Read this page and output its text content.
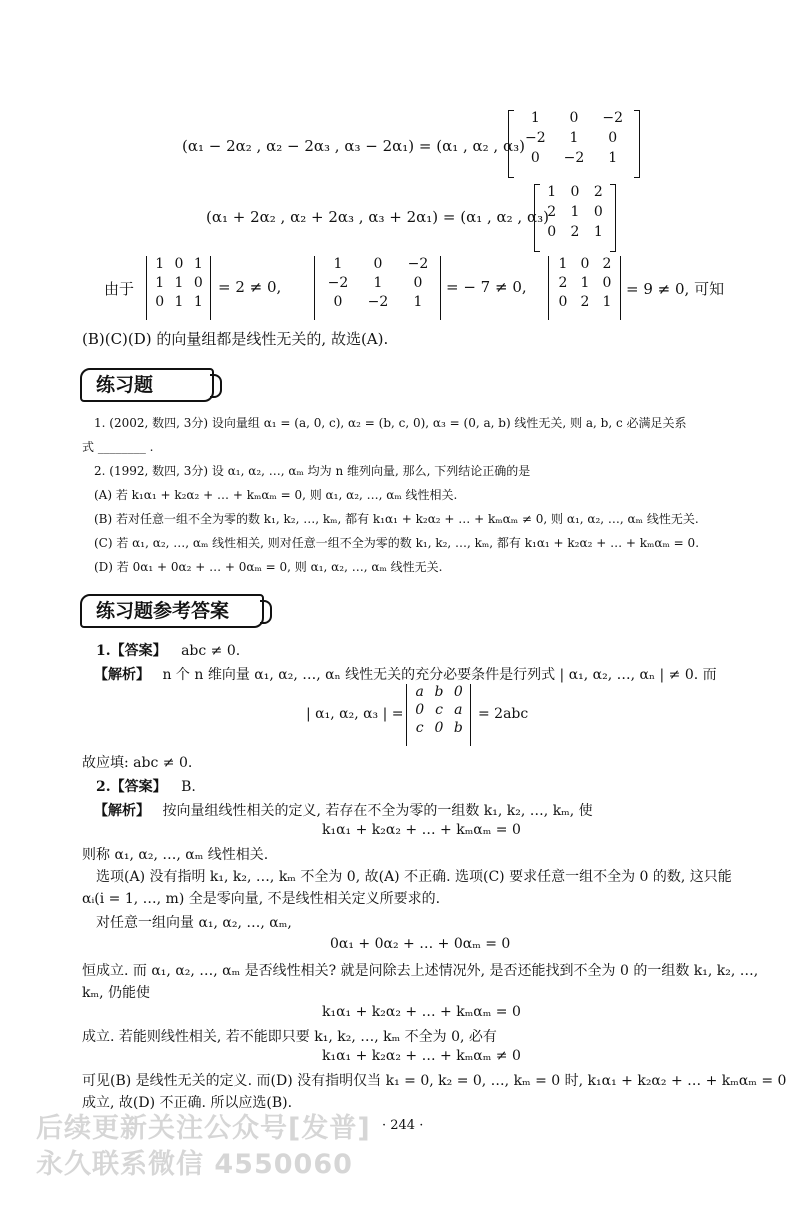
(α₁ − 2α₂ , α₂ − 2α₃ , α₃ − 2α₁) = (α₁ , α₂ , α₃)
1	0	−2
−2	1	0
0	−2	1
(α₁ + 2α₂ , α₂ + 2α₃ , α₃ + 2α₁) = (α₁ , α₂ , α₃)
1	0	2
2	1	0
0	2	1
由于
1 0 1
1 1 0
0 1 1
= 2 ≠ 0,
1	0	−2
−2	1	0
0	−2	1
= − 7 ≠ 0,
1 0 2
2 1 0
0 2 1
= 9 ≠ 0, 可知
(B)(C)(D) 的向量组都是线性无关的, 故选(A).
练习题
1. (2002, 数四, 3分) 设向量组 α₁ = (a, 0, c), α₂ = (b, c, 0), α₃ = (0, a, b) 线性无关, 则 a, b, c 必满足关系
式 ________ .
2. (1992, 数四, 3分) 设 α₁, α₂, …, αₘ 均为 n 维列向量, 那么, 下列结论正确的是
(A) 若 k₁α₁ + k₂α₂ + … + kₘαₘ = 0, 则 α₁, α₂, …, αₘ 线性相关.
(B) 若对任意一组不全为零的数 k₁, k₂, …, kₘ, 都有 k₁α₁ + k₂α₂ + … + kₘαₘ ≠ 0, 则 α₁, α₂, …, αₘ 线性无关.
(C) 若 α₁, α₂, …, αₘ 线性相关, 则对任意一组不全为零的数 k₁, k₂, …, kₘ, 都有 k₁α₁ + k₂α₂ + … + kₘαₘ = 0.
(D) 若 0α₁ + 0α₂ + … + 0αₘ = 0, 则 α₁, α₂, …, αₘ 线性无关.
练习题参考答案
1.【答案】 abc ≠ 0.
【解析】 n 个 n 维向量 α₁, α₂, …, αₙ 线性无关的充分必要条件是行列式 | α₁, α₂, …, αₙ | ≠ 0. 而
| α₁, α₂, α₃ | =
a b 0
0 c a
c 0 b
= 2abc
故应填: abc ≠ 0.
2.【答案】 B.
【解析】 按向量组线性相关的定义, 若存在不全为零的一组数 k₁, k₂, …, kₘ, 使
k₁α₁ + k₂α₂ + … + kₘαₘ = 0
则称 α₁, α₂, …, αₘ 线性相关.
选项(A) 没有指明 k₁, k₂, …, kₘ 不全为 0, 故(A) 不正确. 选项(C) 要求任意一组不全为 0 的数, 这只能
αᵢ(i = 1, …, m) 全是零向量, 不是线性相关定义所要求的.
对任意一组向量 α₁, α₂, …, αₘ,
0α₁ + 0α₂ + … + 0αₘ = 0
恒成立. 而 α₁, α₂, …, αₘ 是否线性相关? 就是问除去上述情况外, 是否还能找到不全为 0 的一组数 k₁, k₂, …,
kₘ, 仍能使
k₁α₁ + k₂α₂ + … + kₘαₘ = 0
成立. 若能则线性相关, 若不能即只要 k₁, k₂, …, kₘ 不全为 0, 必有
k₁α₁ + k₂α₂ + … + kₘαₘ ≠ 0
可见(B) 是线性无关的定义. 而(D) 没有指明仅当 k₁ = 0, k₂ = 0, …, kₘ = 0 时, k₁α₁ + k₂α₂ + … + kₘαₘ = 0
成立, 故(D) 不正确. 所以应选(B).
后续更新关注公众号[发普] · 244 ·
永久联系微信 4550060
